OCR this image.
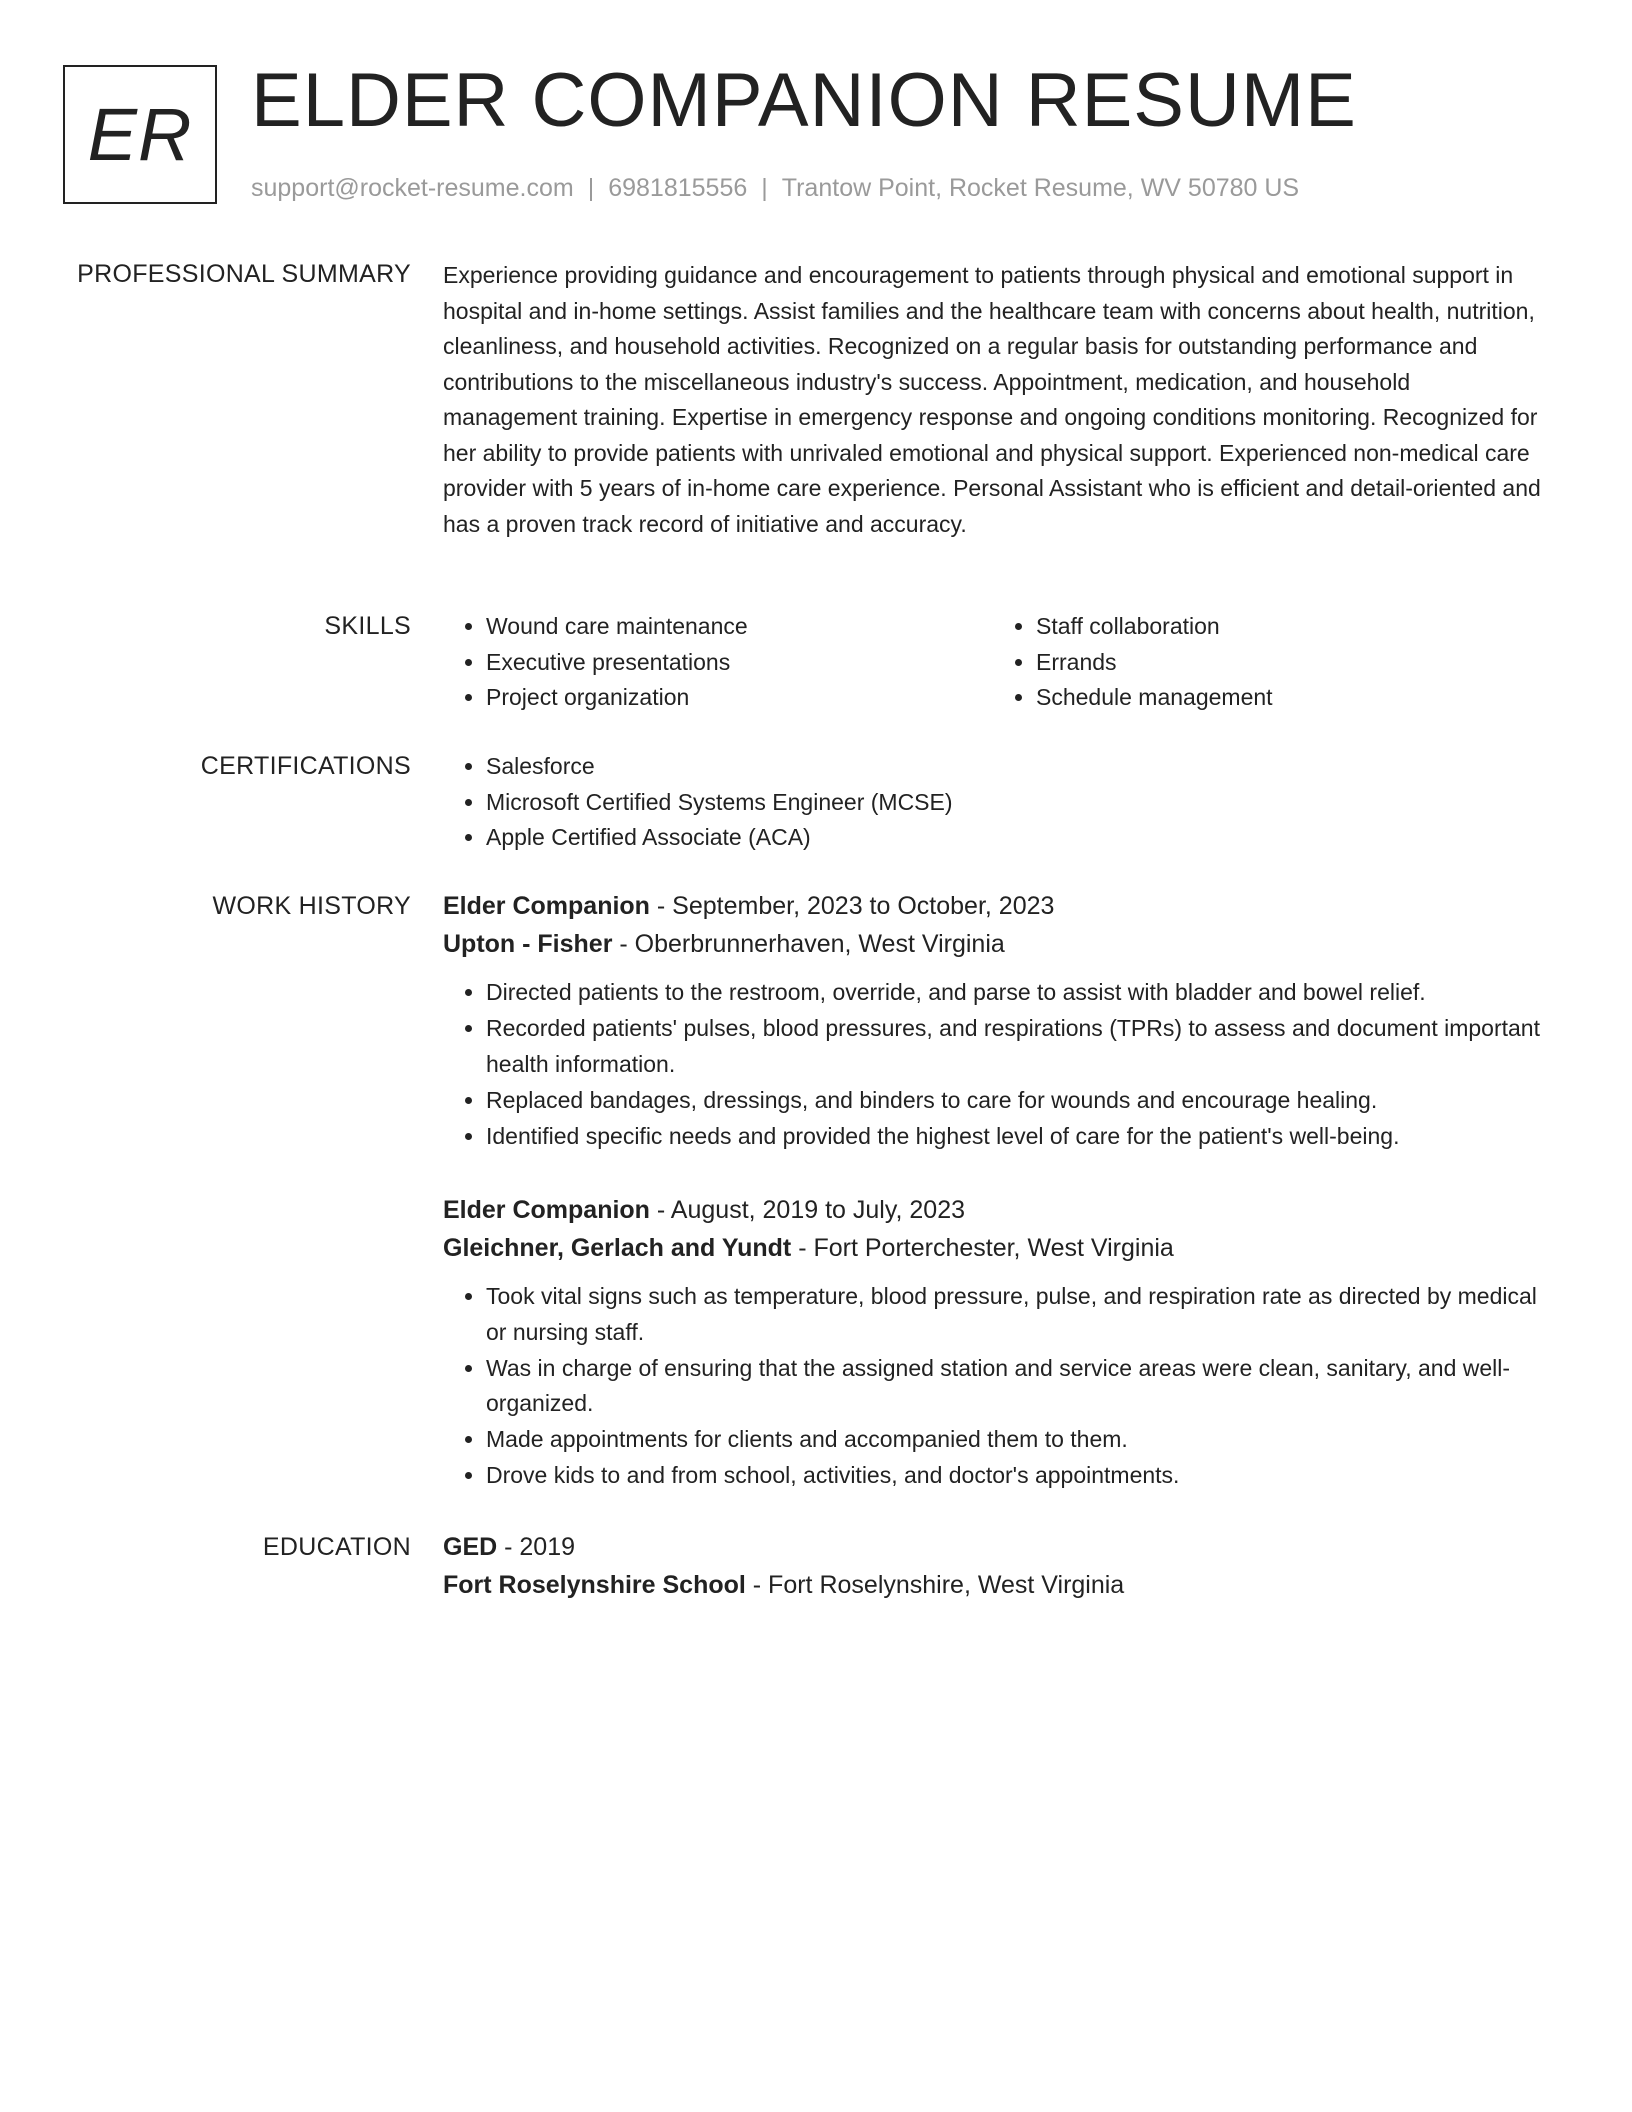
ER ELDER COMPANION RESUME
support@rocket-resume.com | 6981815556 | Trantow Point, Rocket Resume, WV 50780 US
PROFESSIONAL SUMMARY Experience providing guidance and encouragement to patients through physical and emotional support in hospital and in-home settings. Assist families and the healthcare team with concerns about health, nutrition, cleanliness, and household activities. Recognized on a regular basis for outstanding performance and contributions to the miscellaneous industry's success. Appointment, medication, and household management training. Expertise in emergency response and ongoing conditions monitoring. Recognized for her ability to provide patients with unrivaled emotional and physical support. Experienced non-medical care provider with 5 years of in-home care experience. Personal Assistant who is efficient and detail-oriented and has a proven track record of initiative and accuracy.
SKILLS	• Wound care maintenance
• Executive presentations
• Project organization
• Staff collaboration
• Errands
• Schedule management
CERTIFICATIONS	• Salesforce
• Microsoft Certified Systems Engineer (MCSE)
• Apple Certified Associate (ACA)
WORK HISTORY Elder Companion - September, 2023 to October, 2023
Upton - Fisher - Oberbrunnerhaven, West Virginia
• Directed patients to the restroom, override, and parse to assist with bladder and bowel relief.
• Recorded patients' pulses, blood pressures, and respirations (TPRs) to assess and document important health information.
• Replaced bandages, dressings, and binders to care for wounds and encourage healing.
• Identified specific needs and provided the highest level of care for the patient's well-being.
Elder Companion - August, 2019 to July, 2023
Gleichner, Gerlach and Yundt - Fort Porterchester, West Virginia
• Took vital signs such as temperature, blood pressure, pulse, and respiration rate as directed by medical or nursing staff.
• Was in charge of ensuring that the assigned station and service areas were clean, sanitary, and well-organized.
• Made appointments for clients and accompanied them to them.
• Drove kids to and from school, activities, and doctor's appointments.
EDUCATION GED - 2019
Fort Roselynshire School - Fort Roselynshire, West Virginia
